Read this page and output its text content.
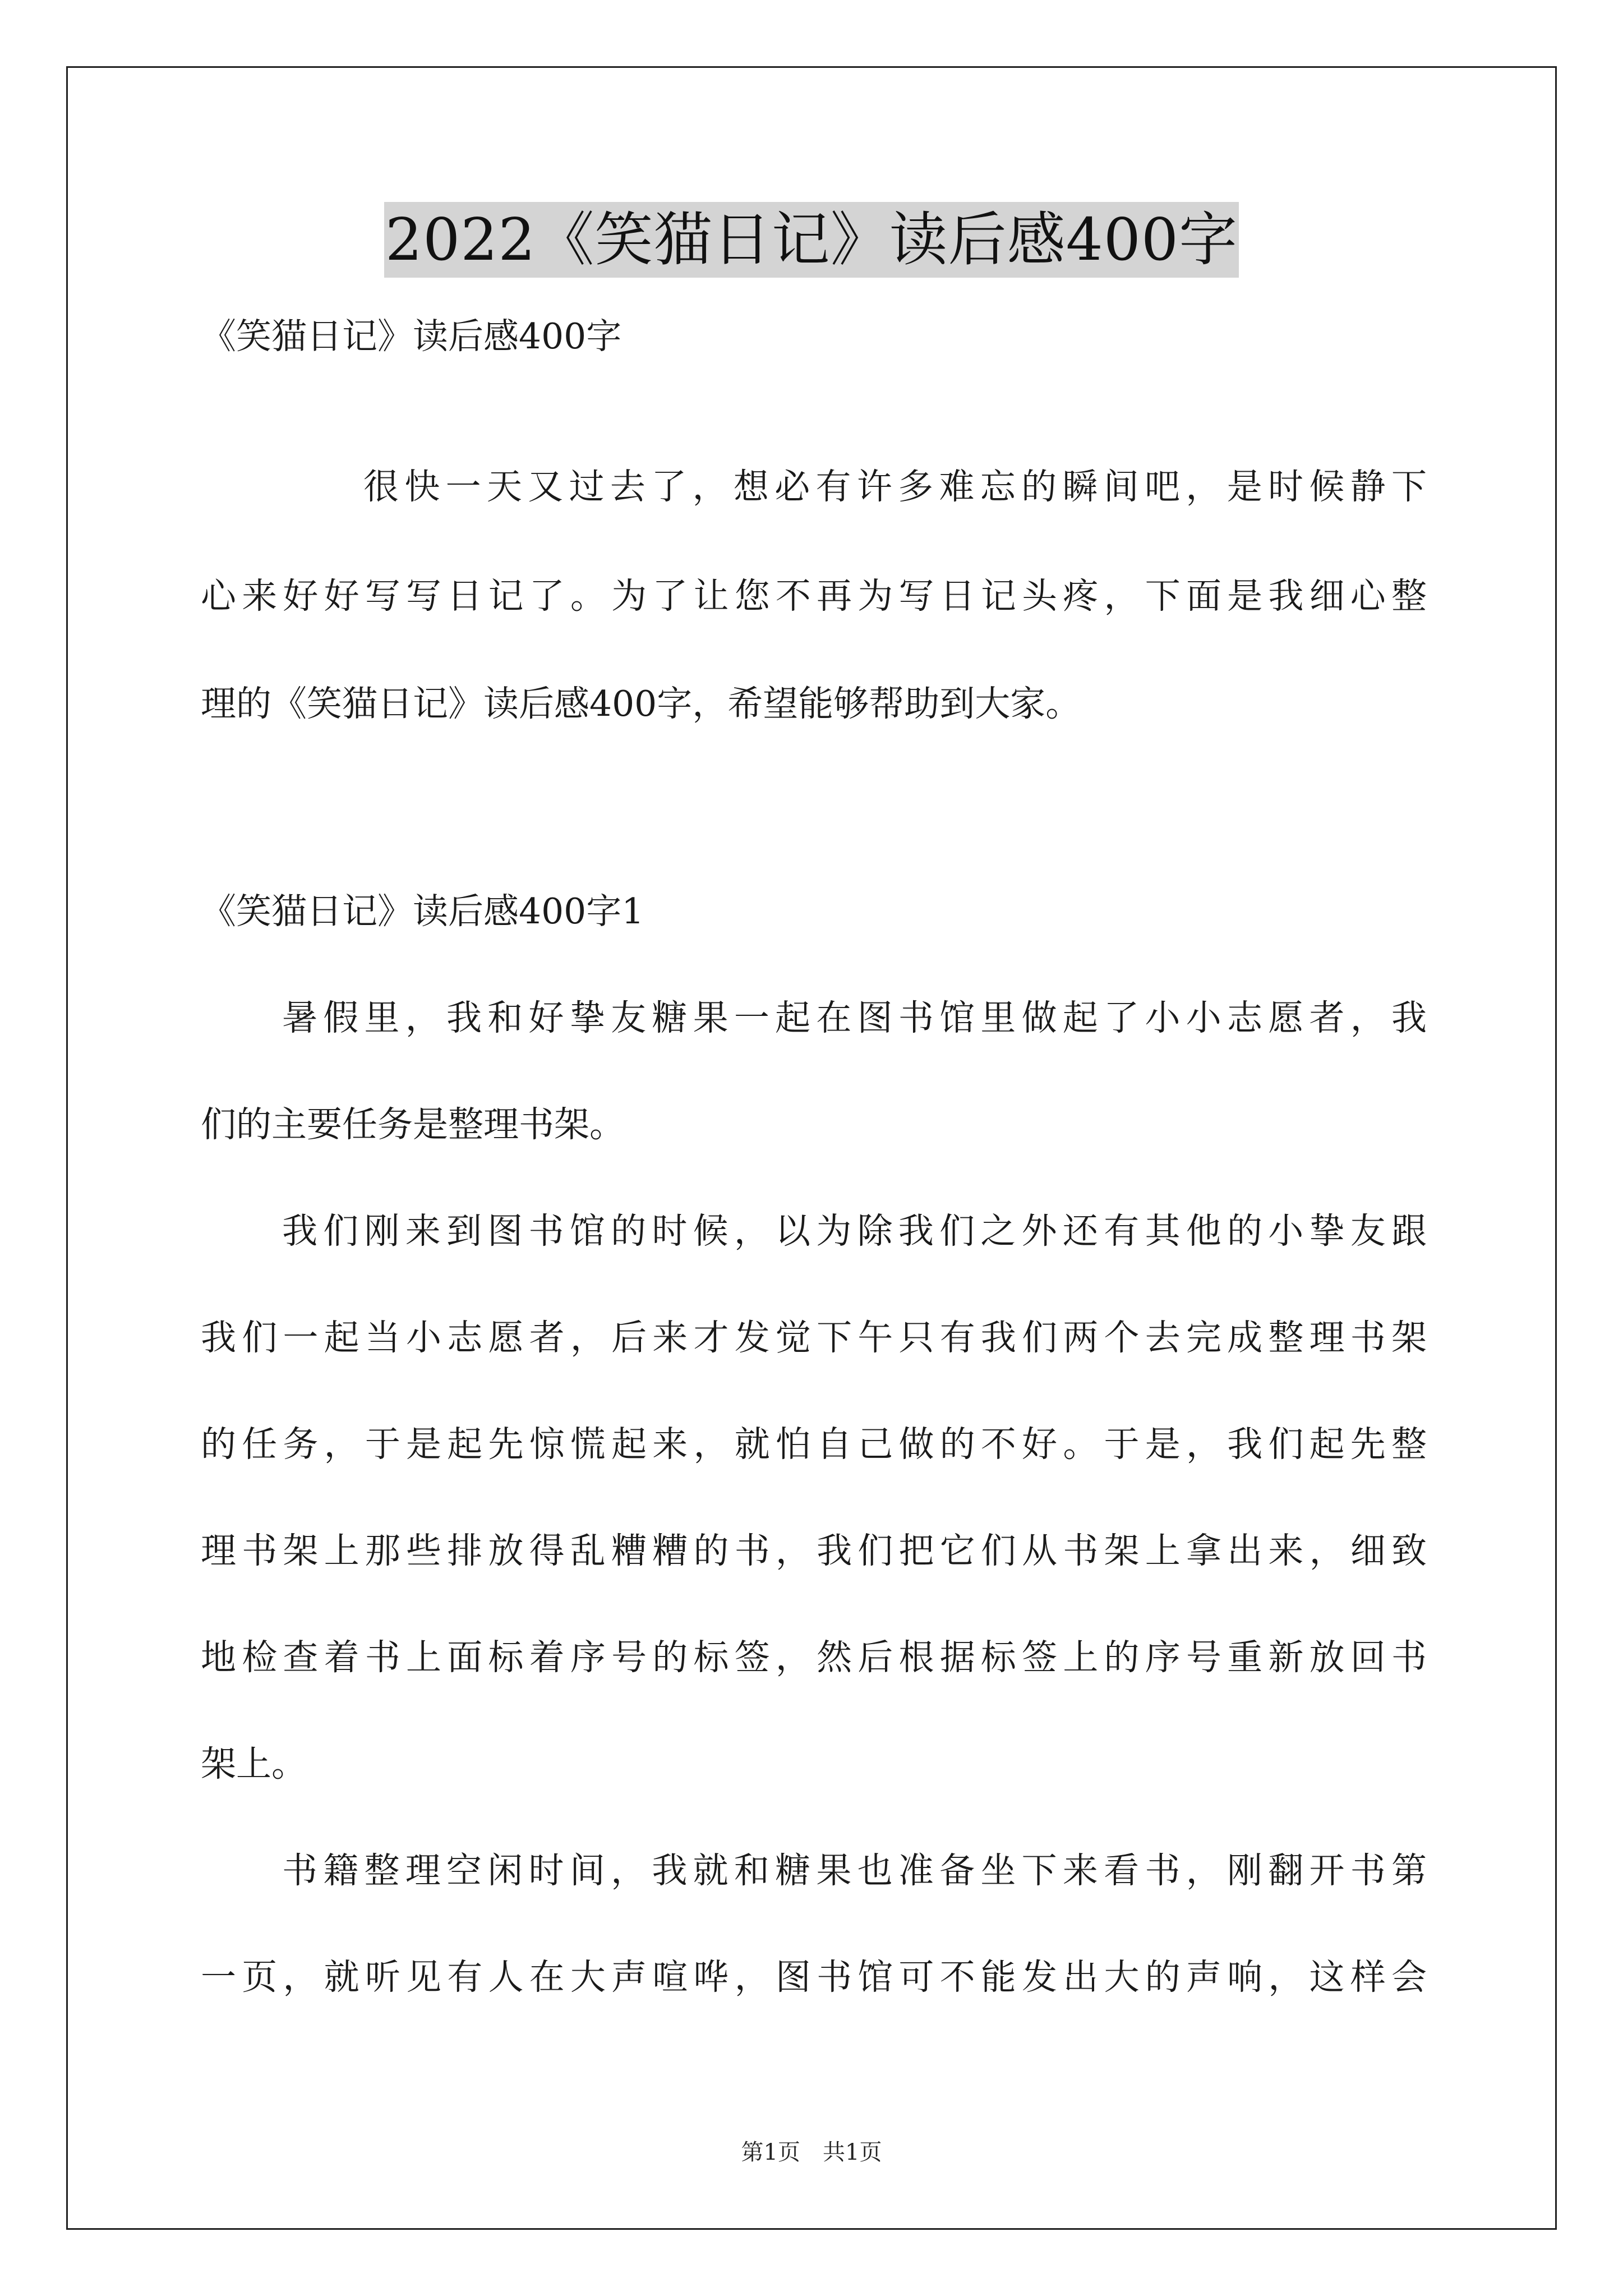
2022《笑猫日记》读后感400字
《笑猫日记》读后感400字
很快一天又过去了，想必有许多难忘的瞬间吧，是时候静下
心来好好写写日记了。为了让您不再为写日记头疼，下面是我细心整
理的《笑猫日记》读后感400字，希望能够帮助到大家。
《笑猫日记》读后感400字1
暑假里，我和好挚友糖果一起在图书馆里做起了小小志愿者，我
们的主要任务是整理书架。
我们刚来到图书馆的时候，以为除我们之外还有其他的小挚友跟
我们一起当小志愿者，后来才发觉下午只有我们两个去完成整理书架
的任务，于是起先惊慌起来，就怕自己做的不好。于是，我们起先整
理书架上那些排放得乱糟糟的书，我们把它们从书架上拿出来，细致
地检查着书上面标着序号的标签，然后根据标签上的序号重新放回书
架上。
书籍整理空闲时间，我就和糖果也准备坐下来看书，刚翻开书第
一页，就听见有人在大声喧哗，图书馆可不能发出大的声响，这样会
第1页　共1页
